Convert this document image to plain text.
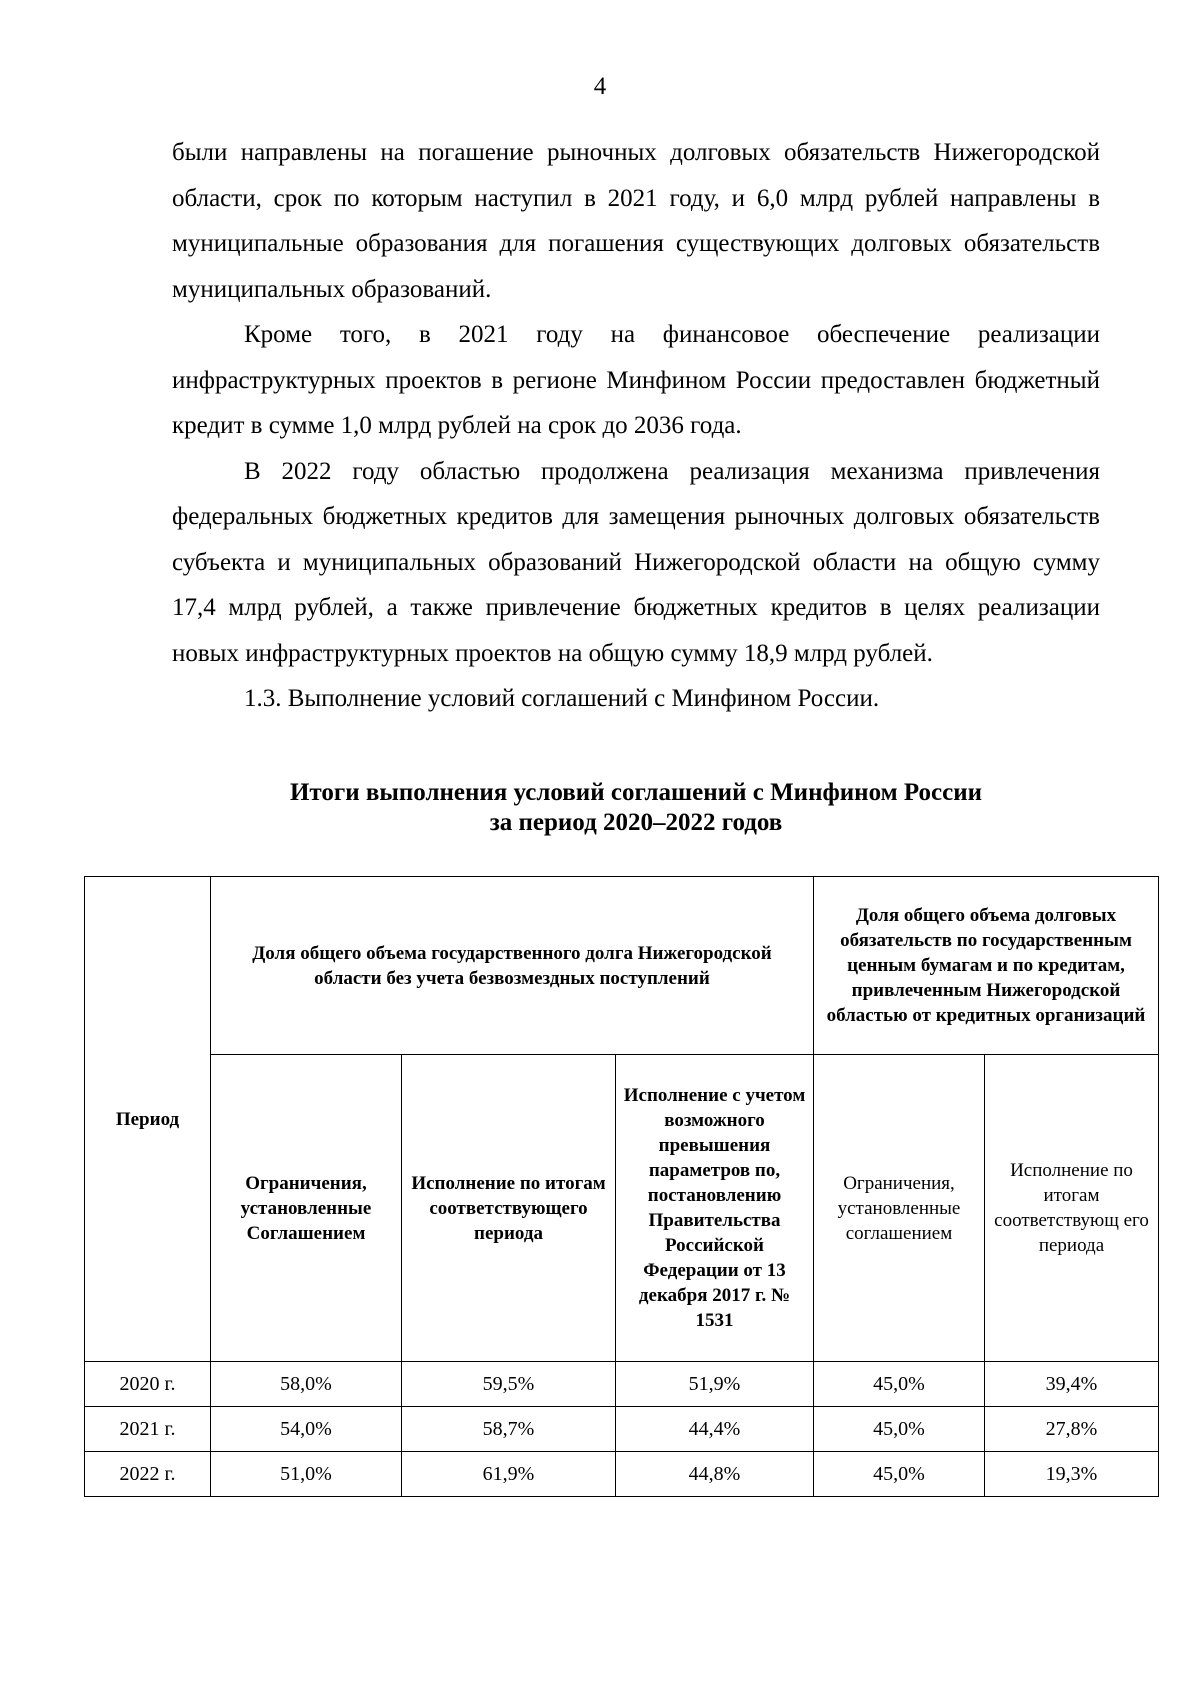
4

были направлены на погашение рыночных долговых обязательств Нижегородской области, срок по которым наступил в 2021 году, и 6,0 млрд рублей направлены в муниципальные образования для погашения существующих долговых обязательств муниципальных образований.

Кроме того, в 2021 году на финансовое обеспечение реализации инфраструктурных проектов в регионе Минфином России предоставлен бюджетный кредит в сумме 1,0 млрд рублей на срок до 2036 года.

В 2022 году областью продолжена реализация механизма привлечения федеральных бюджетных кредитов для замещения рыночных долговых обязательств субъекта и муниципальных образований Нижегородской области на общую сумму 17,4 млрд рублей, а также привлечение бюджетных кредитов в целях реализации новых инфраструктурных проектов на общую сумму 18,9 млрд рублей.

1.3. Выполнение условий соглашений с Минфином России.

Итоги выполнения условий соглашений с Минфином России
за период 2020–2022 годов
Период	Доля общего объема государственного долга Нижегородской области без учета безвозмездных поступлений			Доля общего объема долговых обязательств по государственным ценным бумагам и по кредитам, привлеченным Нижегородской областью от кредитных организаций	
	Ограничения, установленные Соглашением	Исполнение по итогам соответствующего периода	Исполнение с учетом возможного превышения параметров по, постановлению Правительства Российской Федерации от 13 декабря 2017 г. № 1531	Ограничения, установленные соглашением	Исполнение по итогам соответствующ его периода
2020 г.	58,0%	59,5%	51,9%	45,0%	39,4%
2021 г.	54,0%	58,7%	44,4%	45,0%	27,8%
2022 г.	51,0%	61,9%	44,8%	45,0%	19,3%
